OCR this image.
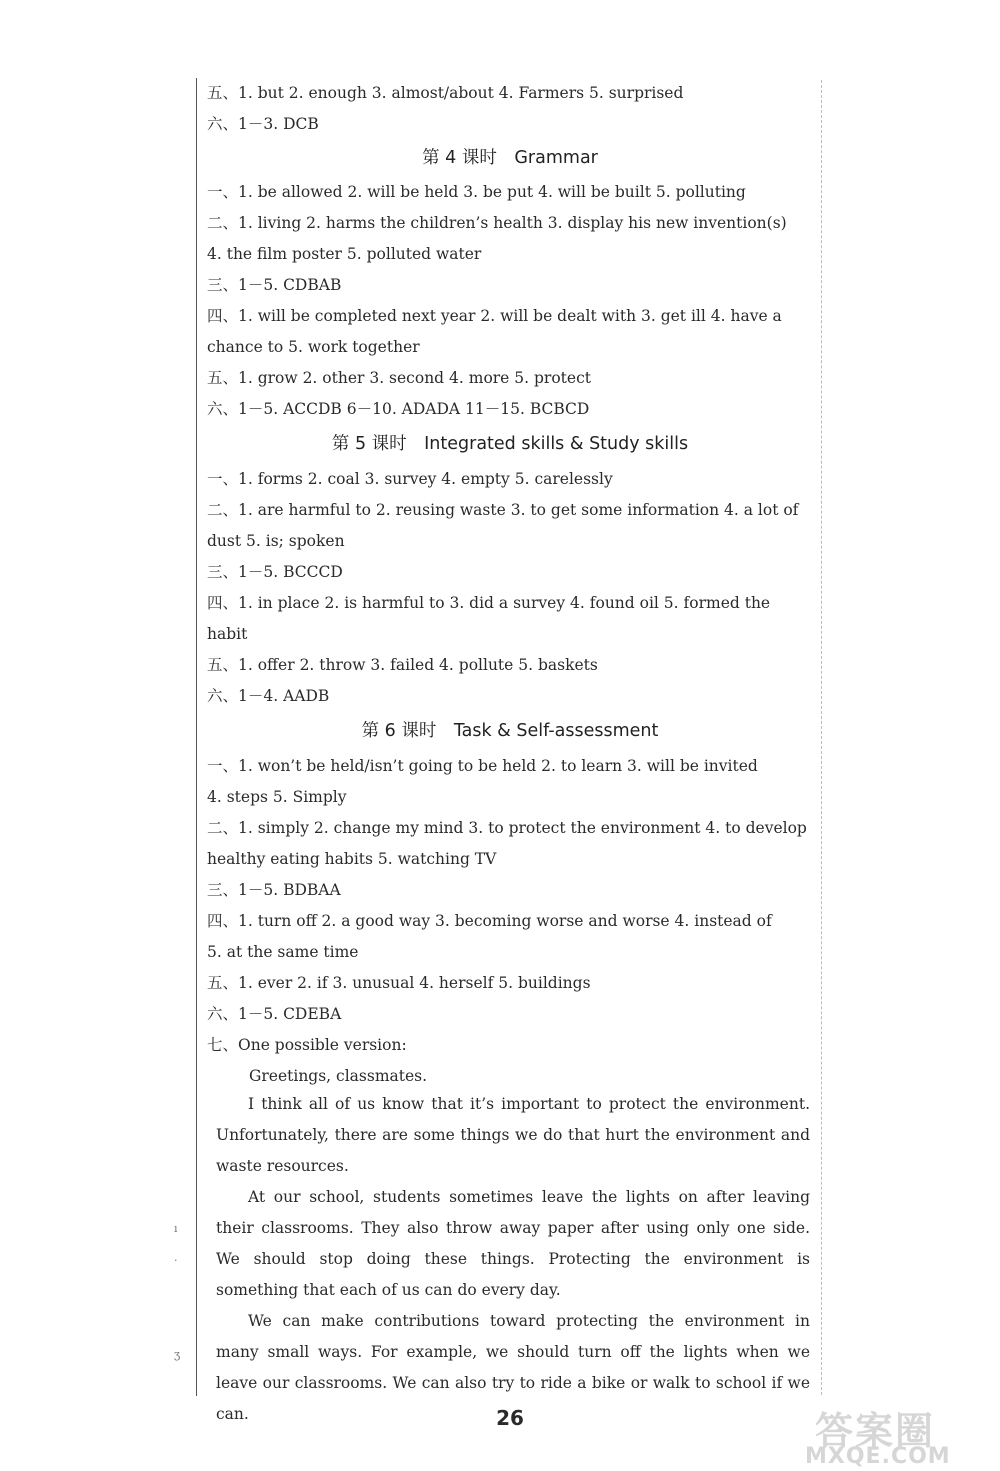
五、1. but 2. enough 3. almost/about 4. Farmers 5. surprised
六、1－3. DCB
第 4 课时　Grammar
一、1. be allowed 2. will be held 3. be put 4. will be built 5. polluting
二、1. living 2. harms the children’s health 3. display his new invention(s)
4. the film poster 5. polluted water
三、1－5. CDBAB
四、1. will be completed next year 2. will be dealt with 3. get ill 4. have a
chance to 5. work together
五、1. grow 2. other 3. second 4. more 5. protect
六、1－5. ACCDB 6－10. ADADA 11－15. BCBCD
第 5 课时　Integrated skills & Study skills
一、1. forms 2. coal 3. survey 4. empty 5. carelessly
二、1. are harmful to 2. reusing waste 3. to get some information 4. a lot of
dust 5. is; spoken
三、1－5. BCCCD
四、1. in place 2. is harmful to 3. did a survey 4. found oil 5. formed the
habit
五、1. offer 2. throw 3. failed 4. pollute 5. baskets
六、1－4. AADB
第 6 课时　Task & Self-assessment
一、1. won’t be held/isn’t going to be held 2. to learn 3. will be invited
4. steps 5. Simply
二、1. simply 2. change my mind 3. to protect the environment 4. to develop
healthy eating habits 5. watching TV
三、1－5. BDBAA
四、1. turn off 2. a good way 3. becoming worse and worse 4. instead of
5. at the same time
五、1. ever 2. if 3. unusual 4. herself 5. buildings
六、1－5. CDEBA
七、One possible version:
Greetings, classmates.
I think all of us know that it’s important to protect the environment. Unfortunately, there are some things we do that hurt the environment and waste resources.
At our school, students sometimes leave the lights on after leaving their classrooms. They also throw away paper after using only one side. We should stop doing these things. Protecting the environment is something that each of us can do every day.
We can make contributions toward protecting the environment in many small ways. For example, we should turn off the lights when we leave our classrooms. We can also try to ride a bike or walk to school if we can.
ı
·
ʒ
26	答案圈
MXQE.COM
